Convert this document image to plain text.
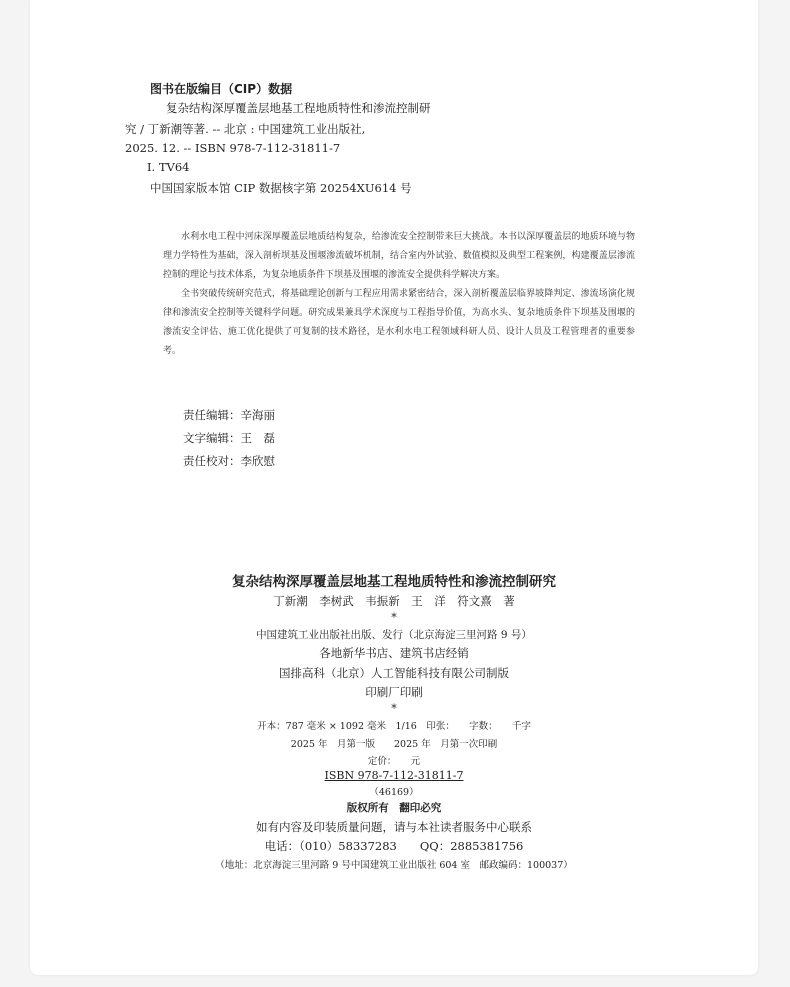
图书在版编目（CIP）数据
复杂结构深厚覆盖层地基工程地质特性和渗流控制研
究 / 丁新潮等著. -- 北京 : 中国建筑工业出版社,
2025. 12. -- ISBN 978-7-112-31811-7
Ⅰ. TV64
中国国家版本馆 CIP 数据核字第 20254XU614 号

水利水电工程中河床深厚覆盖层地质结构复杂，给渗流安全控制带来巨大挑战。本书以深厚覆盖层的地质环境与物理力学特性为基础，深入剖析坝基及围堰渗流破坏机制，结合室内外试验、数值模拟及典型工程案例，构建覆盖层渗流控制的理论与技术体系，为复杂地质条件下坝基及围堰的渗流安全提供科学解决方案。

全书突破传统研究范式，将基础理论创新与工程应用需求紧密结合，深入剖析覆盖层临界坡降判定、渗流场演化规律和渗流安全控制等关键科学问题。研究成果兼具学术深度与工程指导价值，为高水头、复杂地质条件下坝基及围堰的渗流安全评估、施工优化提供了可复制的技术路径，是水利水电工程领域科研人员、设计人员及工程管理者的重要参考。

责任编辑：辛海丽
文字编辑：王　磊
责任校对：李欣慰
复杂结构深厚覆盖层地基工程地质特性和渗流控制研究
丁新潮　李树武　韦振新　王　洋　符文熹　著
*
中国建筑工业出版社出版、发行（北京海淀三里河路 9 号）
各地新华书店、建筑书店经销
国排高科（北京）人工智能科技有限公司制版
印刷厂印刷
*
开本：787 毫米 × 1092 毫米　1/16　印张：　　字数：　　千字
2025 年　月第一版　　2025 年　月第一次印刷
定价：　　元
ISBN 978-7-112-31811-7
（46169）
版权所有　翻印必究
如有内容及印装质量问题，请与本社读者服务中心联系
电话：（010）58337283　　QQ：2885381756
（地址：北京海淀三里河路 9 号中国建筑工业出版社 604 室　邮政编码：100037）
